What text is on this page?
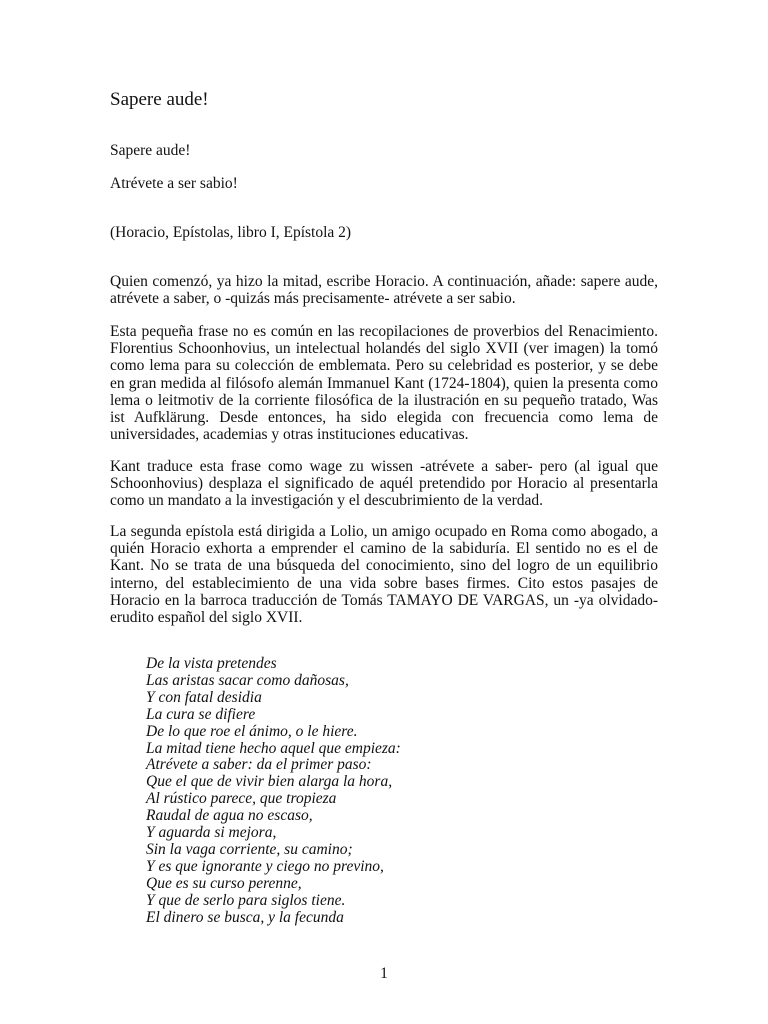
Sapere aude!

Sapere aude!

Atrévete a ser sabio!

(Horacio, Epístolas, libro I, Epístola 2)

Quien comenzó, ya hizo la mitad, escribe Horacio. A continuación, añade: sapere aude, atrévete a saber, o -quizás más precisamente- atrévete a ser sabio.

Esta pequeña frase no es común en las recopilaciones de proverbios del Renacimiento. Florentius Schoonhovius, un intelectual holandés del siglo XVII (ver imagen) la tomó como lema para su colección de emblemata. Pero su celebridad es posterior, y se debe en gran medida al filósofo alemán Immanuel Kant (1724-1804), quien la presenta como lema o leitmotiv de la corriente filosófica de la ilustración en su pequeño tratado, Was ist Aufklärung. Desde entonces, ha sido elegida con frecuencia como lema de universidades, academias y otras instituciones educativas.

Kant traduce esta frase como wage zu wissen -atrévete a saber- pero (al igual que Schoonhovius) desplaza el significado de aquél pretendido por Horacio al presentarla como un mandato a la investigación y el descubrimiento de la verdad.

La segunda epístola está dirigida a Lolio, un amigo ocupado en Roma como abogado, a quién Horacio exhorta a emprender el camino de la sabiduría. El sentido no es el de Kant. No se trata de una búsqueda del conocimiento, sino del logro de un equilibrio interno, del establecimiento de una vida sobre bases firmes. Cito estos pasajes de Horacio en la barroca traducción de Tomás TAMAYO DE VARGAS, un -ya olvidado- erudito español del siglo XVII.

De la vista pretendes
Las aristas sacar como dañosas,
Y con fatal desidia
La cura se difiere
De lo que roe el ánimo, o le hiere.
La mitad tiene hecho aquel que empieza:
Atrévete a saber: da el primer paso:
Que el que de vivir bien alarga la hora,
Al rústico parece, que tropieza
Raudal de agua no escaso,
Y aguarda si mejora,
Sin la vaga corriente, su camino;
Y es que ignorante y ciego no previno,
Que es su curso perenne,
Y que de serlo para siglos tiene.
El dinero se busca, y la fecunda
1
